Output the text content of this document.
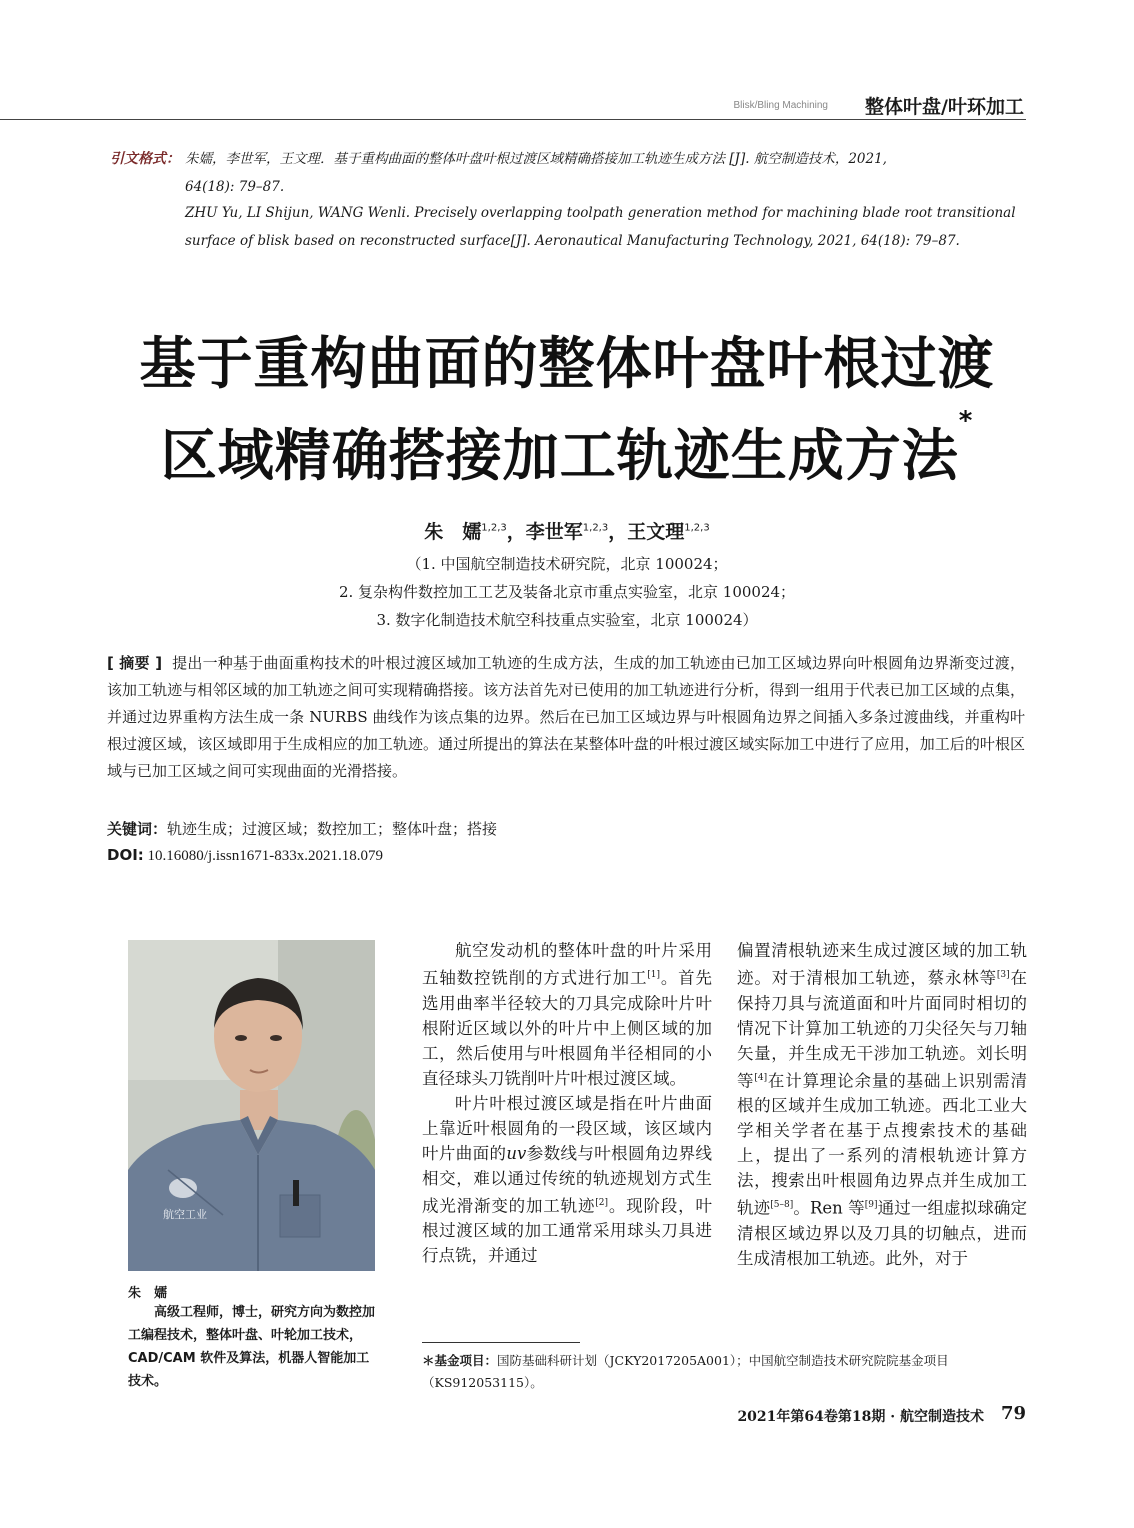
Blisk/Bling Machining 整体叶盘/叶环加工
引文格式： 朱嬬，李世军，王文理．基于重构曲面的整体叶盘叶根过渡区域精确搭接加工轨迹生成方法 [J]. 航空制造技术，2021,
64(18): 79–87.
ZHU Yu, LI Shijun, WANG Wenli. Precisely overlapping toolpath generation method for machining blade root transitional
surface of blisk based on reconstructed surface[J]. Aeronautical Manufacturing Technology, 2021, 64(18): 79–87.
基于重构曲面的整体叶盘叶根过渡
区域精确搭接加工轨迹生成方法*
朱　嬬$^{1,2,3}$，李世军$^{1,2,3}$，王文理$^{1,2,3}$
（1. 中国航空制造技术研究院，北京 100024；
2. 复杂构件数控加工工艺及装备北京市重点实验室，北京 100024；
3. 数字化制造技术航空科技重点实验室，北京 100024）
[ 摘要 ] 提出一种基于曲面重构技术的叶根过渡区域加工轨迹的生成方法，生成的加工轨迹由已加工区域边界向叶根圆角边界渐变过渡，该加工轨迹与相邻区域的加工轨迹之间可实现精确搭接。该方法首先对已使用的加工轨迹进行分析，得到一组用于代表已加工区域的点集，并通过边界重构方法生成一条 NURBS 曲线作为该点集的边界。然后在已加工区域边界与叶根圆角边界之间插入多条过渡曲线，并重构叶根过渡区域，该区域即用于生成相应的加工轨迹。通过所提出的算法在某整体叶盘的叶根过渡区域实际加工中进行了应用，加工后的叶根区域与已加工区域之间可实现曲面的光滑搭接。
关键词：轨迹生成；过渡区域；数控加工；整体叶盘；搭接
DOI: 10.16080/j.issn1671-833x.2021.18.079
航空工业
朱　嬬
高级工程师，博士，研究方向为数控加工编程技术，整体叶盘、叶轮加工技术，CAD/CAM 软件及算法，机器人智能加工技术。

航空发动机的整体叶盘的叶片采用五轴数控铣削的方式进行加工[1]。首先选用曲率半径较大的刀具完成除叶片叶根附近区域以外的叶片中上侧区域的加工，然后使用与叶根圆角半径相同的小直径球头刀铣削叶片叶根过渡区域。

叶片叶根过渡区域是指在叶片曲面上靠近叶根圆角的一段区域，该区域内叶片曲面的uv参数线与叶根圆角边界线相交，难以通过传统的轨迹规划方式生成光滑渐变的加工轨迹[2]。现阶段，叶根过渡区域的加工通常采用球头刀具进行点铣，并通过

偏置清根轨迹来生成过渡区域的加工轨迹。对于清根加工轨迹，蔡永林等[3]在保持刀具与流道面和叶片面同时相切的情况下计算加工轨迹的刀尖径矢与刀轴矢量，并生成无干涉加工轨迹。刘长明等[4]在计算理论余量的基础上识别需清根的区域并生成加工轨迹。西北工业大学相关学者在基于点搜索技术的基础上，提出了一系列的清根轨迹计算方法，搜索出叶根圆角边界点并生成加工轨迹[5–8]。Ren 等[9]通过一组虚拟球确定清根区域边界以及刀具的切触点，进而生成清根加工轨迹。此外，对于

＊基金项目：国防基础科研计划（JCKY2017205A001）；中国航空制造技术研究院院基金项目（KS912053115）。
2021年第64卷第18期 · 航空制造技术 79
